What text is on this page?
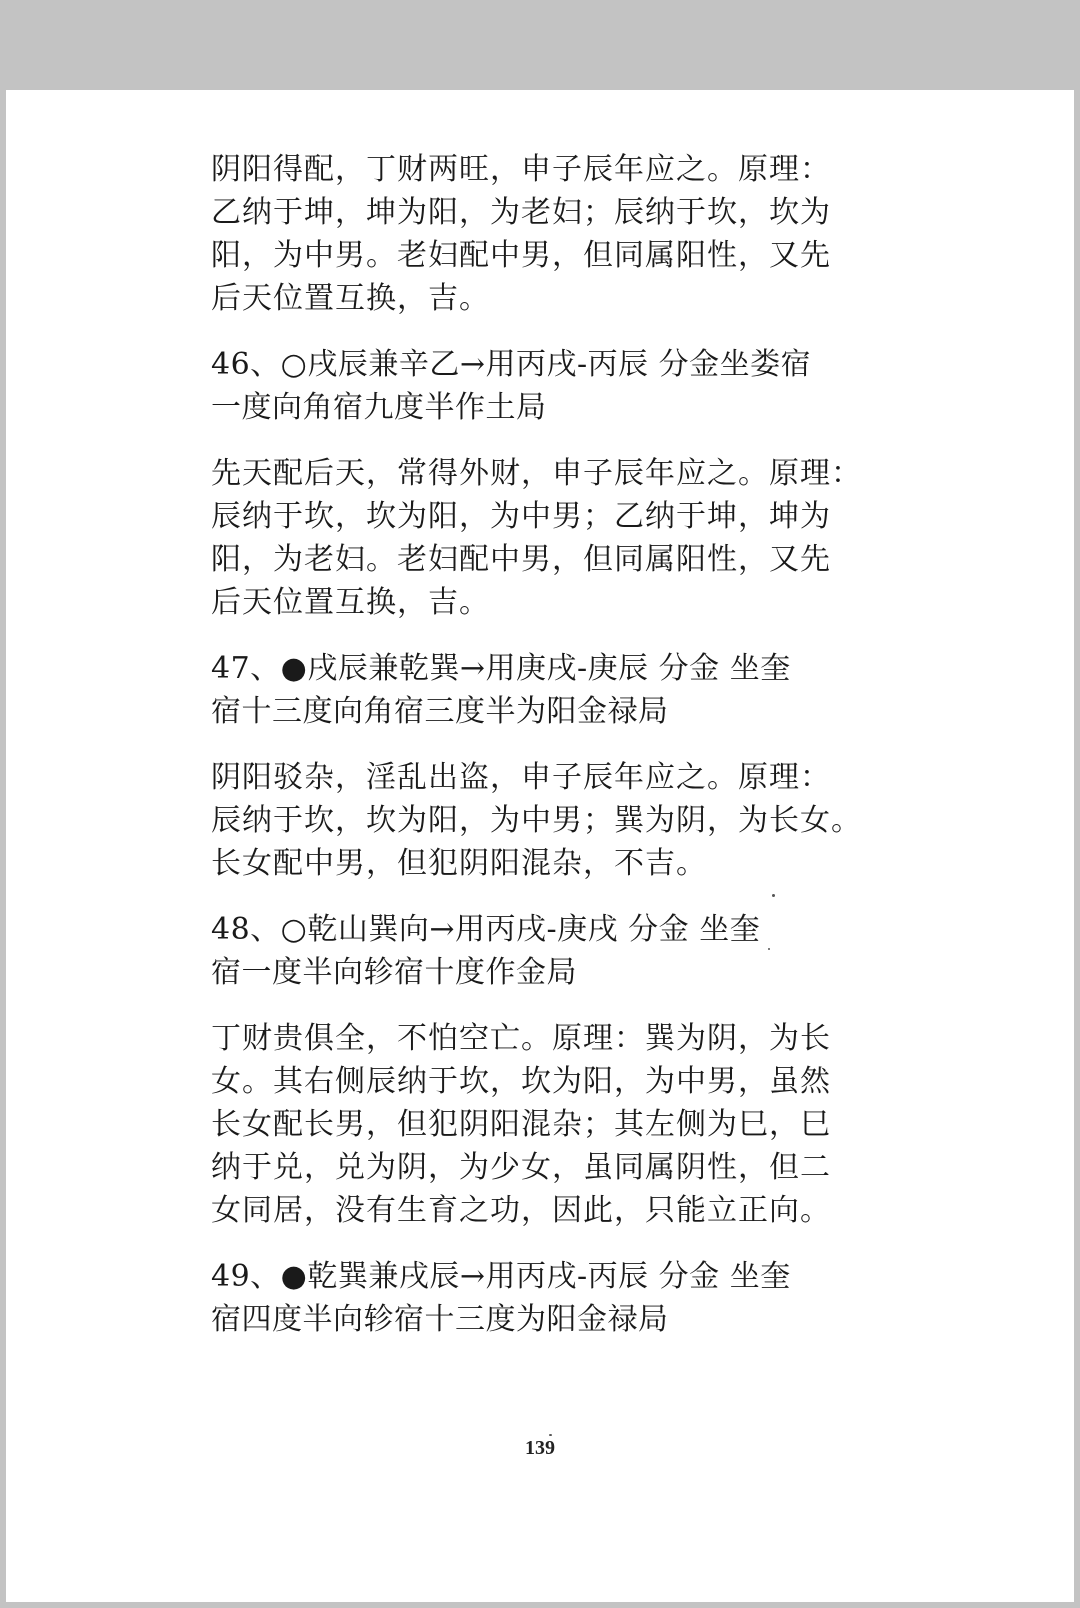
阴阳得配，丁财两旺，申子辰年应之。原理：

乙纳于坤，坤为阳，为老妇；辰纳于坎，坎为

阳，为中男。老妇配中男，但同属阳性，又先

后天位置互换，吉。

46、○戌辰兼辛乙→用丙戌-丙辰 分金坐娄宿

一度向角宿九度半作土局

先天配后天，常得外财，申子辰年应之。原理：

辰纳于坎，坎为阳，为中男；乙纳于坤，坤为

阳，为老妇。老妇配中男，但同属阳性，又先

后天位置互换，吉。

47、●戌辰兼乾巽→用庚戌-庚辰 分金 坐奎

宿十三度向角宿三度半为阳金禄局

阴阳驳杂，淫乱出盗，申子辰年应之。原理：

辰纳于坎，坎为阳，为中男；巽为阴，为长女。

长女配中男，但犯阴阳混杂，不吉。

48、○乾山巽向→用丙戌-庚戌 分金 坐奎

宿一度半向轸宿十度作金局

丁财贵俱全，不怕空亡。原理：巽为阴，为长

女。其右侧辰纳于坎，坎为阳，为中男，虽然

长女配长男，但犯阴阳混杂；其左侧为巳，巳

纳于兑，兑为阴，为少女，虽同属阴性，但二

女同居，没有生育之功，因此，只能立正向。

49、●乾巽兼戌辰→用丙戌-丙辰 分金 坐奎

宿四度半向轸宿十三度为阳金禄局

139
